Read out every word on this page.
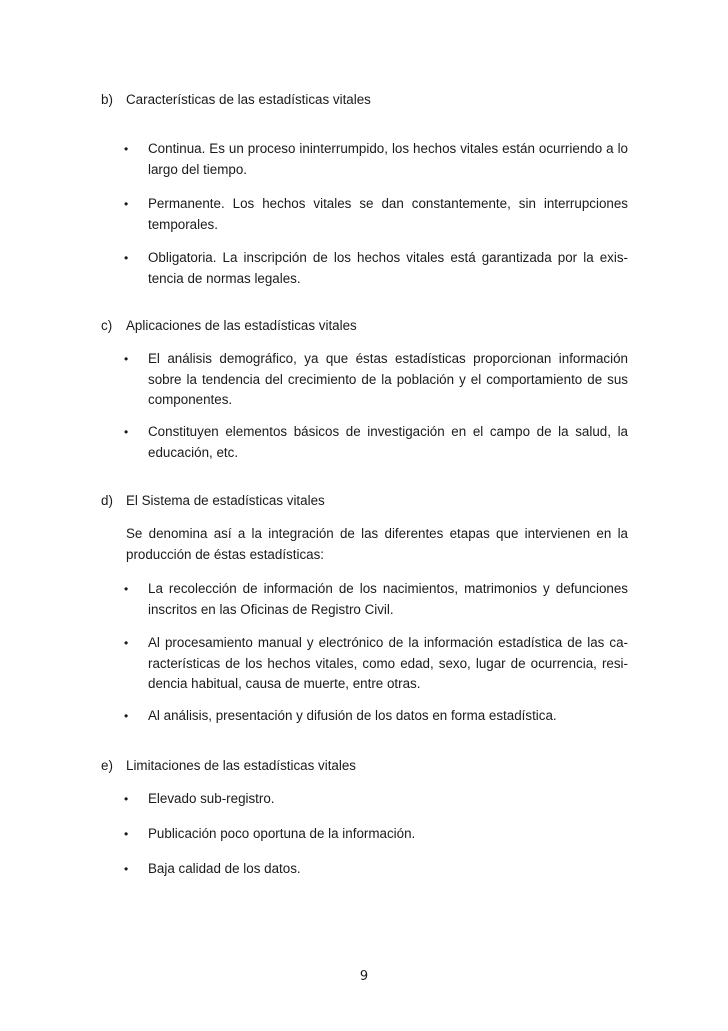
b) Características de las estadísticas vitales
•	Continua. Es un proceso ininterrumpido, los hechos vitales están ocurriendo a lo largo del tiempo.
•	Permanente. Los hechos vitales se dan constantemente, sin interrupciones temporales.
•	Obligatoria. La inscripción de los hechos vitales está garantizada por la exis-tencia de normas legales.
c)	Aplicaciones de las estadísticas vitales
•	El análisis demográfico, ya que éstas estadísticas proporcionan información sobre la tendencia del crecimiento de la población y el comportamiento de sus componentes.
•	Constituyen elementos básicos de investigación en el campo de la salud, la educación, etc.
d) El Sistema de estadísticas vitales
Se denomina así a la integración de las diferentes etapas que intervienen en la producción de éstas estadísticas:
•	La recolección de información de los nacimientos, matrimonios y defunciones inscritos en las Oficinas de Registro Civil.
•	Al procesamiento manual y electrónico de la información estadística de las ca-racterísticas de los hechos vitales, como edad, sexo, lugar de ocurrencia, resi-dencia habitual, causa de muerte, entre otras.
•	Al análisis, presentación y difusión de los datos en forma estadística.
e) Limitaciones de las estadísticas vitales
•	Elevado sub-registro.
•	Publicación poco oportuna de la información.
•	Baja calidad de los datos.
9
